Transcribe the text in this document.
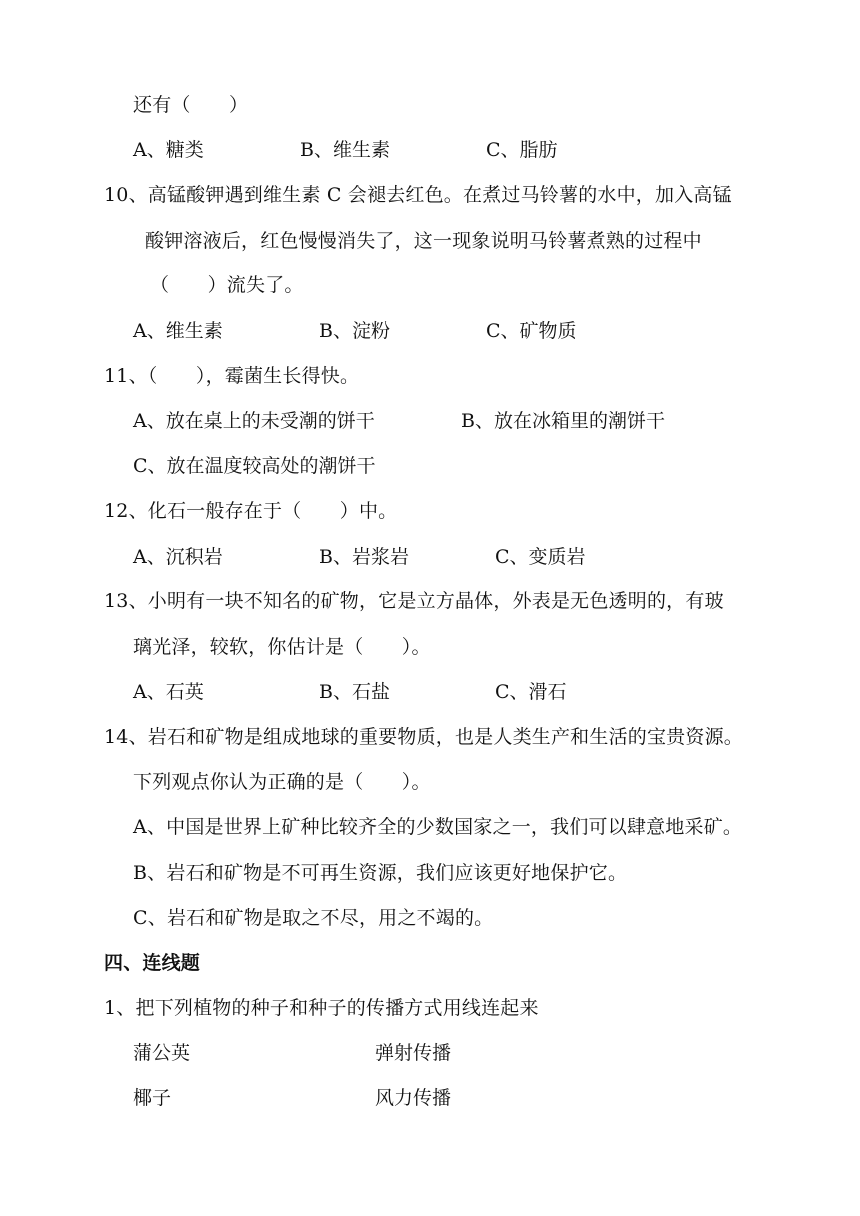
还有（　　）
A、糖类	B、维生素	C、脂肪
10、高锰酸钾遇到维生素 C 会褪去红色。在煮过马铃薯的水中，加入高锰
酸钾溶液后，红色慢慢消失了，这一现象说明马铃薯煮熟的过程中
（　　）流失了。
A、维生素	B、淀粉	C、矿物质
11、（　　），霉菌生长得快。
A、放在桌上的未受潮的饼干	B、放在冰箱里的潮饼干
C、放在温度较高处的潮饼干
12、化石一般存在于（　　）中。
A、沉积岩	B、岩浆岩	C、变质岩
13、小明有一块不知名的矿物，它是立方晶体，外表是无色透明的，有玻
璃光泽，较软，你估计是（　　）。
A、石英	B、石盐	C、滑石
14、岩石和矿物是组成地球的重要物质，也是人类生产和生活的宝贵资源。
下列观点你认为正确的是（　　）。
A、中国是世界上矿种比较齐全的少数国家之一，我们可以肆意地采矿。
B、岩石和矿物是不可再生资源，我们应该更好地保护它。
C、岩石和矿物是取之不尽，用之不竭的。
四、连线题
1、把下列植物的种子和种子的传播方式用线连起来
蒲公英	弹射传播
椰子	风力传播
